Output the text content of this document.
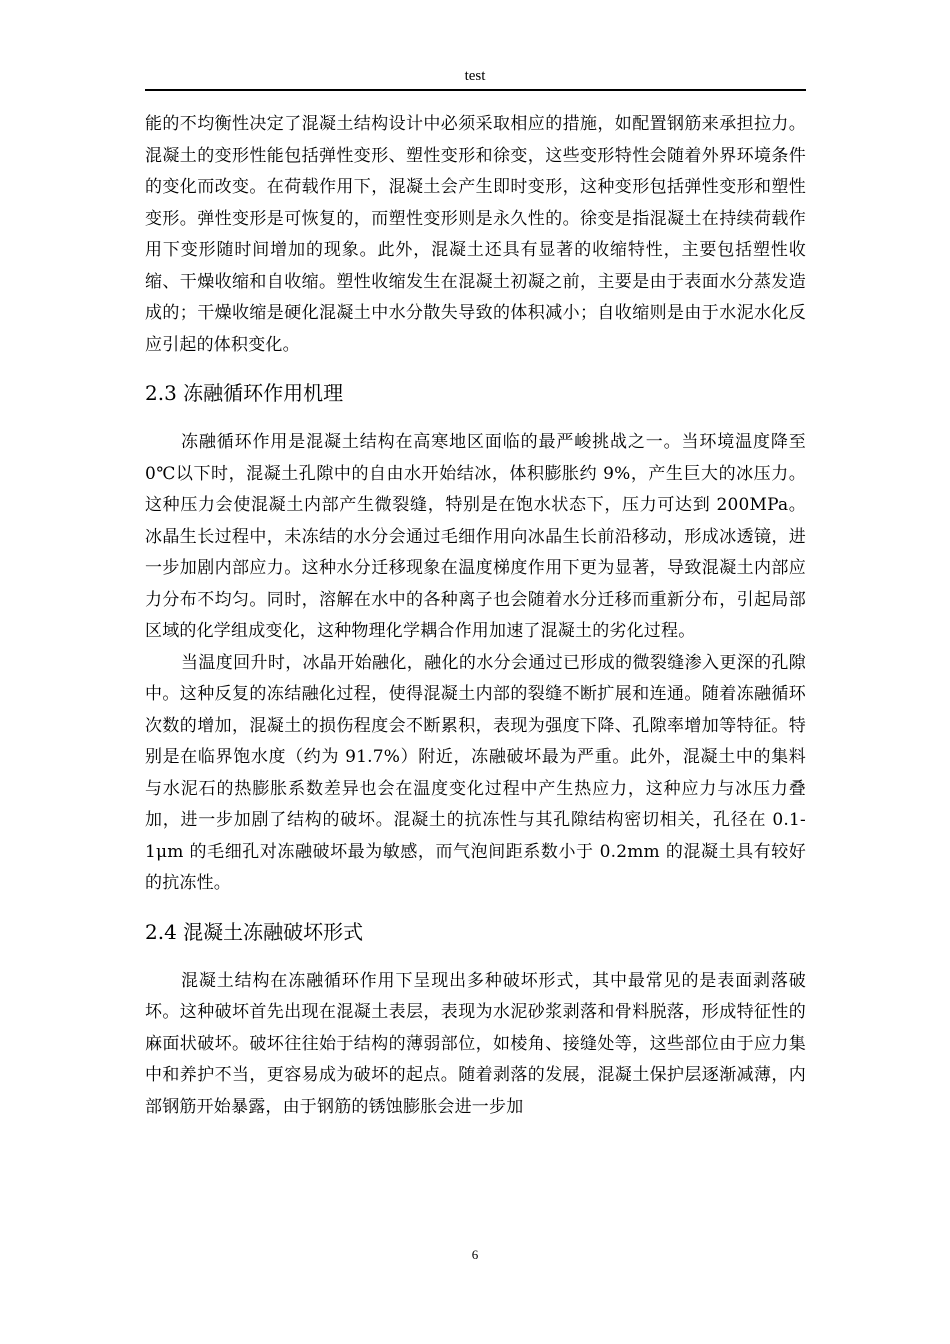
test

能的不均衡性决定了混凝土结构设计中必须采取相应的措施，如配置钢筋来承担拉力。混凝土的变形性能包括弹性变形、塑性变形和徐变，这些变形特性会随着外界环境条件的变化而改变。在荷载作用下，混凝土会产生即时变形，这种变形包括弹性变形和塑性变形。弹性变形是可恢复的，而塑性变形则是永久性的。徐变是指混凝土在持续荷载作用下变形随时间增加的现象。此外，混凝土还具有显著的收缩特性，主要包括塑性收缩、干燥收缩和自收缩。塑性收缩发生在混凝土初凝之前，主要是由于表面水分蒸发造成的；干燥收缩是硬化混凝土中水分散失导致的体积减小；自收缩则是由于水泥水化反应引起的体积变化。

2.3 冻融循环作用机理

冻融循环作用是混凝土结构在高寒地区面临的最严峻挑战之一。当环境温度降至 0℃以下时，混凝土孔隙中的自由水开始结冰，体积膨胀约 9%，产生巨大的冰压力。这种压力会使混凝土内部产生微裂缝，特别是在饱水状态下，压力可达到 200MPa。冰晶生长过程中，未冻结的水分会通过毛细作用向冰晶生长前沿移动，形成冰透镜，进一步加剧内部应力。这种水分迁移现象在温度梯度作用下更为显著，导致混凝土内部应力分布不均匀。同时，溶解在水中的各种离子也会随着水分迁移而重新分布，引起局部区域的化学组成变化，这种物理化学耦合作用加速了混凝土的劣化过程。

当温度回升时，冰晶开始融化，融化的水分会通过已形成的微裂缝渗入更深的孔隙中。这种反复的冻结融化过程，使得混凝土内部的裂缝不断扩展和连通。随着冻融循环次数的增加，混凝土的损伤程度会不断累积，表现为强度下降、孔隙率增加等特征。特别是在临界饱水度（约为 91.7%）附近，冻融破坏最为严重。此外，混凝土中的集料与水泥石的热膨胀系数差异也会在温度变化过程中产生热应力，这种应力与冰压力叠加，进一步加剧了结构的破坏。混凝土的抗冻性与其孔隙结构密切相关，孔径在 0.1-1μm 的毛细孔对冻融破坏最为敏感，而气泡间距系数小于 0.2mm 的混凝土具有较好的抗冻性。

2.4 混凝土冻融破坏形式

混凝土结构在冻融循环作用下呈现出多种破坏形式，其中最常见的是表面剥落破坏。这种破坏首先出现在混凝土表层，表现为水泥砂浆剥落和骨料脱落，形成特征性的麻面状破坏。破坏往往始于结构的薄弱部位，如棱角、接缝处等，这些部位由于应力集中和养护不当，更容易成为破坏的起点。随着剥落的发展，混凝土保护层逐渐减薄，内部钢筋开始暴露，由于钢筋的锈蚀膨胀会进一步加

6
